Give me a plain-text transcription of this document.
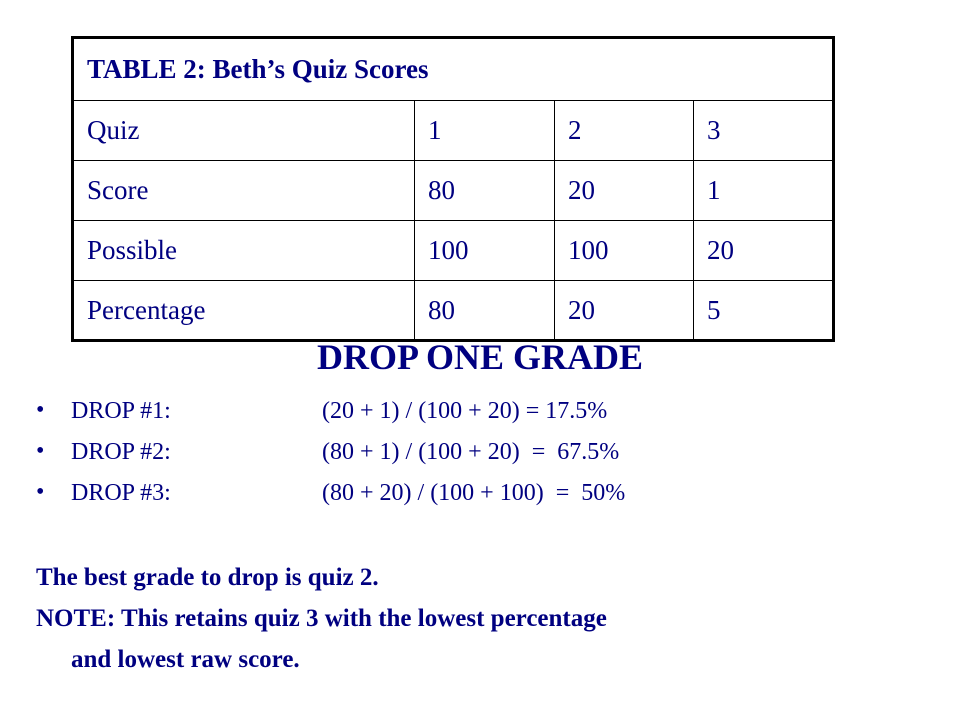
TABLE 2: Beth’s Quiz Scores			
Quiz	1	2	3
Score	80	20	1
Possible	100	100	20
Percentage	80	20	5
DROP ONE GRADE
• DROP #1:	(20 + 1) / (100 + 20) = 17.5%
• DROP #2:	(80 + 1) / (100 + 20)  =  67.5%
• DROP #3:	(80 + 20) / (100 + 100)  =  50%
The best grade to drop is quiz 2.
NOTE: This retains quiz 3 with the lowest percentage
and lowest raw score.
